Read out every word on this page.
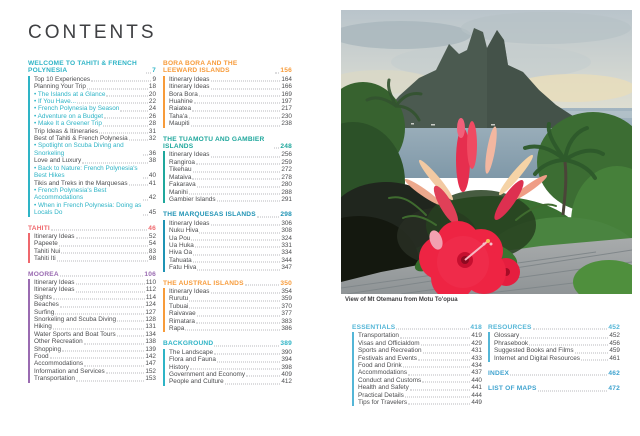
CONTENTS
WELCOME TO TAHITI & FRENCH POLYNESIA	7
Top 10 Experiences	9
Planning Your Trip	18
• The Islands at a Glance	20
• If You Have...	22
• French Polynesia by Season	24
• Adventure on a Budget	26
• Make It a Greener Trip	28
Trip Ideas & Itineraries	31
Best of Tahiti & French Polynesia	32
• Spotlight on Scuba Diving and Snorkeling	36
Love and Luxury	38
• Back to Nature: French Polynesia's Best Hikes	40
Tikis and Treks in the Marquesas	41
• French Polynesia's Best Accommodations	42
• When in French Polynesia: Doing as Locals Do	45
TAHITI	46
Itinerary Ideas	52
Papeete	54
Tahiti Nui	83
Tahiti Iti	98
MOOREA	106
Itinerary Ideas	110
Itinerary Ideas	112
Sights	114
Beaches	124
Surfing	127
Snorkeling and Scuba Diving	128
Hiking	131
Water Sports and Boat Tours	134
Other Recreation	138
Shopping	139
Food	142
Accommodations	147
Information and Services	152
Transportation	153
BORA BORA AND THE LEEWARD ISLANDS	156
Itinerary Ideas	164
Itinerary Ideas	166
Bora Bora	169
Huahine	197
Raiatea	217
Taha'a	230
Maupiti	238
THE TUAMOTU AND GAMBIER ISLANDS	248
Itinerary Ideas	256
Rangiroa	259
Tikehau	272
Mataiva	278
Fakarava	280
Manihi	288
Gambier Islands	291
THE MARQUESAS ISLANDS	298
Itinerary Ideas	306
Nuku Hiva	308
Ua Pou	324
Ua Huka	331
Hiva Oa	334
Tahuata	344
Fatu Hiva	347
THE AUSTRAL ISLANDS	350
Itinerary Ideas	354
Rurutu	359
Tubuai	370
Raivavae	377
Rimatara	383
Rapa	386
BACKGROUND	389
The Landscape	390
Flora and Fauna	394
History	398
Government and Economy	409
People and Culture	412
View of Mt Otemanu from Motu To'opua
ESSENTIALS	418
Transportation	419
Visas and Officialdom	429
Sports and Recreation	431
Festivals and Events	433
Food and Drink	434
Accommodations	437
Conduct and Customs	440
Health and Safety	441
Practical Details	444
Tips for Travelers	449
RESOURCES	452
Glossary	452
Phrasebook	456
Suggested Books and Films	459
Internet and Digital Resources	461
INDEX	462
LIST OF MAPS	472
